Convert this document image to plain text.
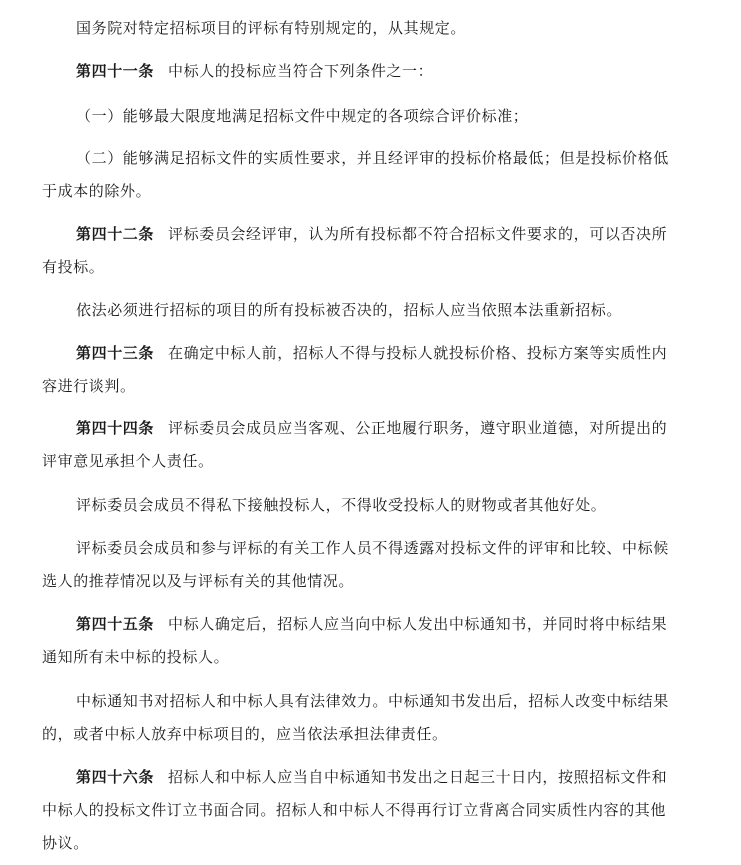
国务院对特定招标项目的评标有特别规定的，从其规定。

第四十一条 中标人的投标应当符合下列条件之一：

（一）能够最大限度地满足招标文件中规定的各项综合评价标准；

（二）能够满足招标文件的实质性要求，并且经评审的投标价格最低；但是投标价格低于成本的除外。

第四十二条 评标委员会经评审，认为所有投标都不符合招标文件要求的，可以否决所有投标。

依法必须进行招标的项目的所有投标被否决的，招标人应当依照本法重新招标。

第四十三条 在确定中标人前，招标人不得与投标人就投标价格、投标方案等实质性内容进行谈判。

第四十四条 评标委员会成员应当客观、公正地履行职务，遵守职业道德，对所提出的评审意见承担个人责任。

评标委员会成员不得私下接触投标人，不得收受投标人的财物或者其他好处。

评标委员会成员和参与评标的有关工作人员不得透露对投标文件的评审和比较、中标候选人的推荐情况以及与评标有关的其他情况。

第四十五条 中标人确定后，招标人应当向中标人发出中标通知书，并同时将中标结果通知所有未中标的投标人。

中标通知书对招标人和中标人具有法律效力。中标通知书发出后，招标人改变中标结果的，或者中标人放弃中标项目的，应当依法承担法律责任。

第四十六条 招标人和中标人应当自中标通知书发出之日起三十日内，按照招标文件和中标人的投标文件订立书面合同。招标人和中标人不得再行订立背离合同实质性内容的其他协议。
